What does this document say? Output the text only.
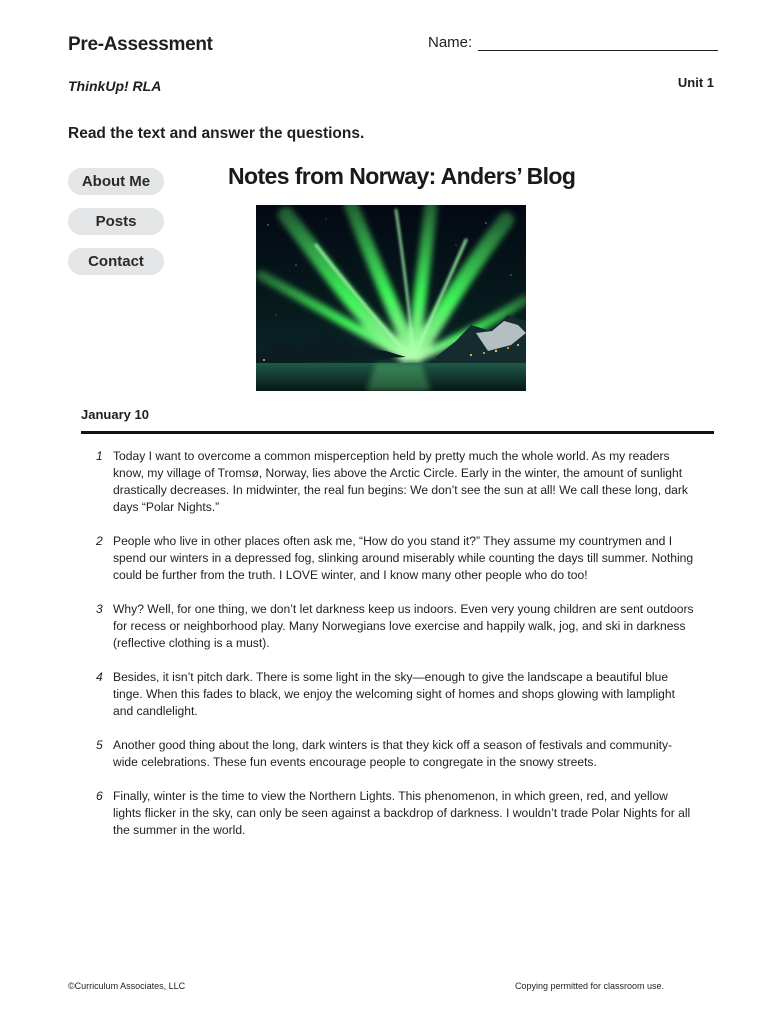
Pre-Assessment	Name:
ThinkUp! RLA	Unit 1
Read the text and answer the questions.
About Me
Posts
Contact
Notes from Norway: Anders’ Blog
January 10
1 Today I want to overcome a common misperception held by pretty much the whole world. As my readers know, my village of Tromsø, Norway, lies above the Arctic Circle. Early in the winter, the amount of sunlight drastically decreases. In midwinter, the real fun begins: We don’t see the sun at all! We call these long, dark days “Polar Nights.”
2 People who live in other places often ask me, “How do you stand it?” They assume my countrymen and I spend our winters in a depressed fog, slinking around miserably while counting the days till summer. Nothing could be further from the truth. I LOVE winter, and I know many other people who do too!
3 Why? Well, for one thing, we don’t let darkness keep us indoors. Even very young children are sent outdoors for recess or neighborhood play. Many Norwegians love exercise and happily walk, jog, and ski in darkness (reflective clothing is a must).
4 Besides, it isn’t pitch dark. There is some light in the sky—enough to give the landscape a beautiful blue tinge. When this fades to black, we enjoy the welcoming sight of homes and shops glowing with lamplight and candlelight.
5 Another good thing about the long, dark winters is that they kick off a season of festivals and community-wide celebrations. These fun events encourage people to congregate in the snowy streets.
6 Finally, winter is the time to view the Northern Lights. This phenomenon, in which green, red, and yellow lights flicker in the sky, can only be seen against a backdrop of darkness. I wouldn’t trade Polar Nights for all the summer in the world.
©Curriculum Associates, LLC	Copying permitted for classroom use.
